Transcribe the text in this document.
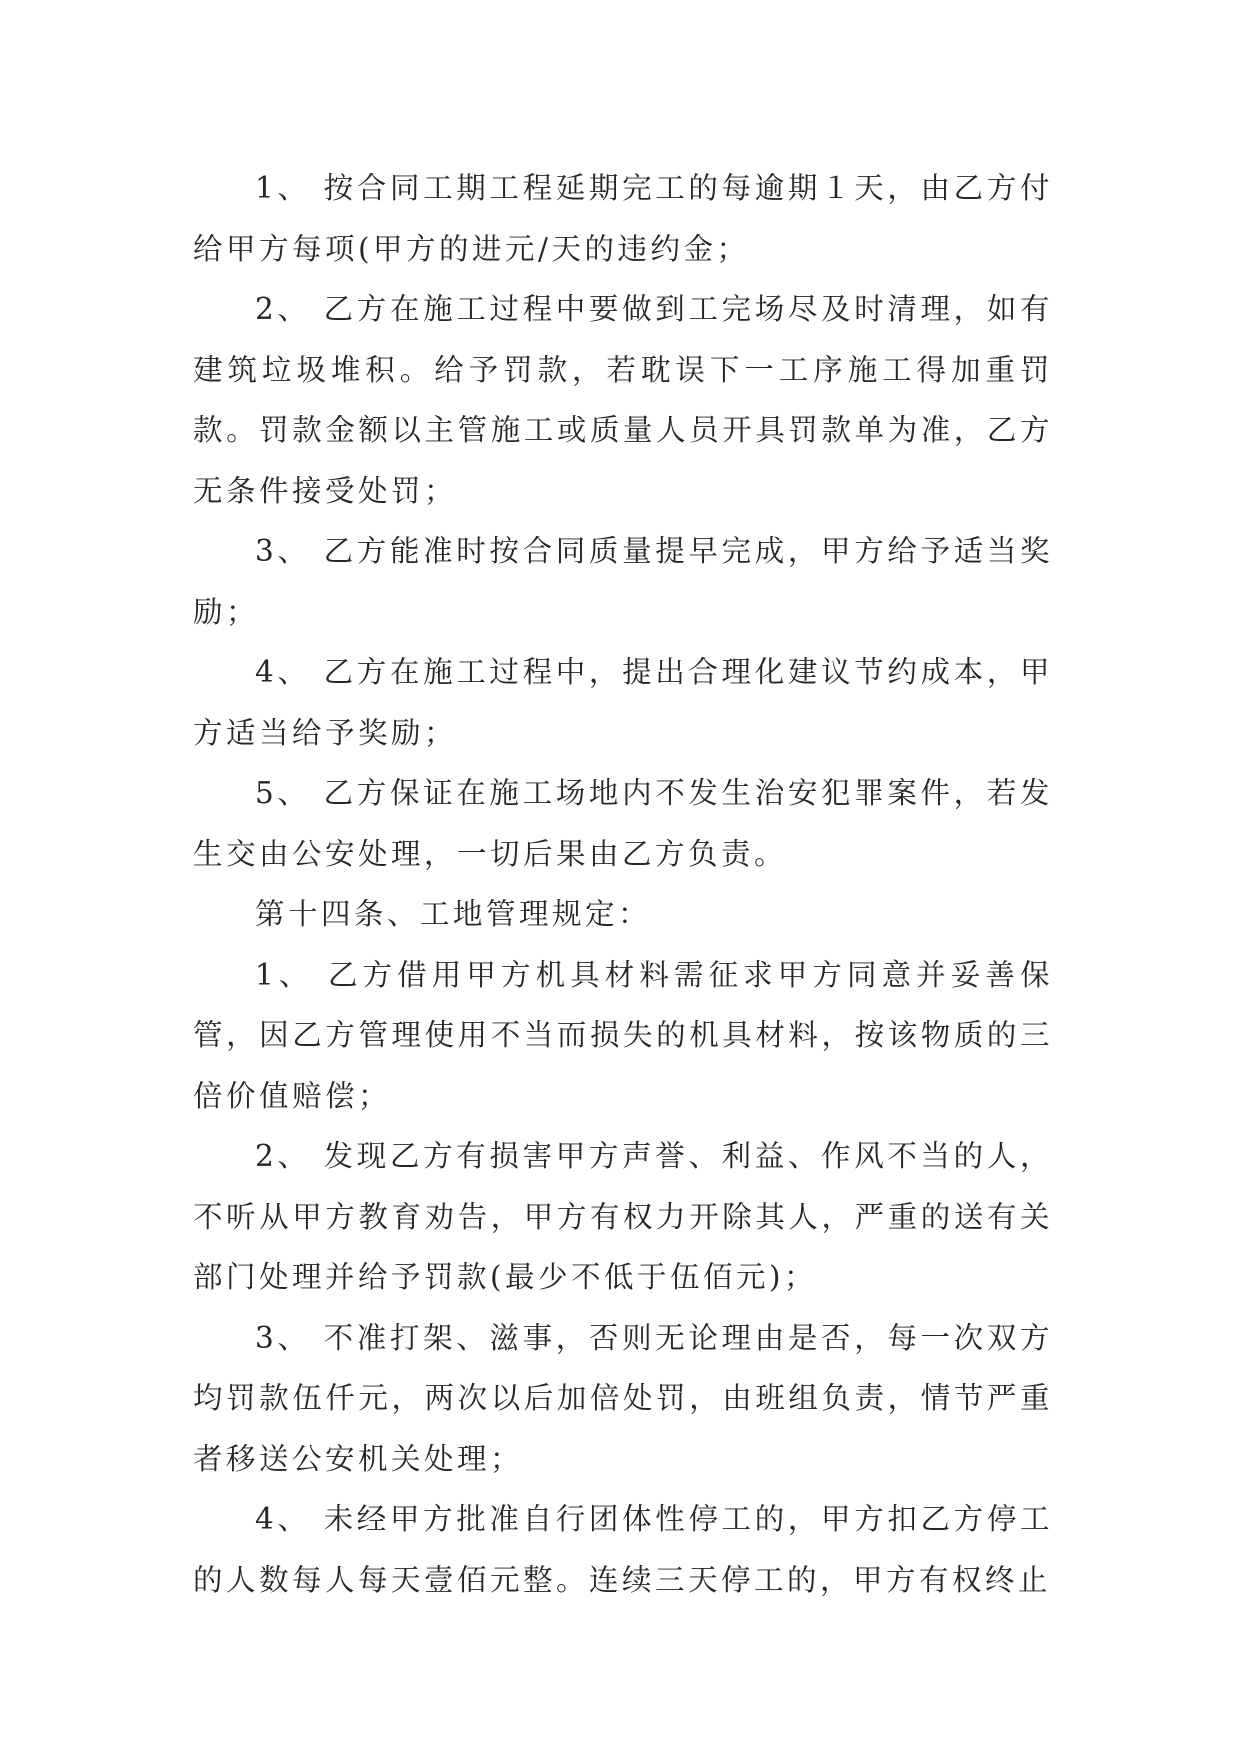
1、 按合同工期工程延期完工的每逾期１天，由乙方付给甲方每项(甲方的进元/天的违约金；

2、 乙方在施工过程中要做到工完场尽及时清理，如有建筑垃圾堆积。给予罚款，若耽误下一工序施工得加重罚款。罚款金额以主管施工或质量人员开具罚款单为准，乙方无条件接受处罚；

3、 乙方能准时按合同质量提早完成，甲方给予适当奖励；

4、 乙方在施工过程中，提出合理化建议节约成本，甲方适当给予奖励；

5、 乙方保证在施工场地内不发生治安犯罪案件，若发生交由公安处理，一切后果由乙方负责。

第十四条、工地管理规定：

1、 乙方借用甲方机具材料需征求甲方同意并妥善保管，因乙方管理使用不当而损失的机具材料，按该物质的三倍价值赔偿；

2、 发现乙方有损害甲方声誉、利益、作风不当的人，不听从甲方教育劝告，甲方有权力开除其人，严重的送有关部门处理并给予罚款(最少不低于伍佰元)；

3、 不准打架、滋事，否则无论理由是否，每一次双方均罚款伍仟元，两次以后加倍处罚，由班组负责，情节严重者移送公安机关处理；

4、 未经甲方批准自行团体性停工的，甲方扣乙方停工的人数每人每天壹佰元整。连续三天停工的，甲方有权终止
